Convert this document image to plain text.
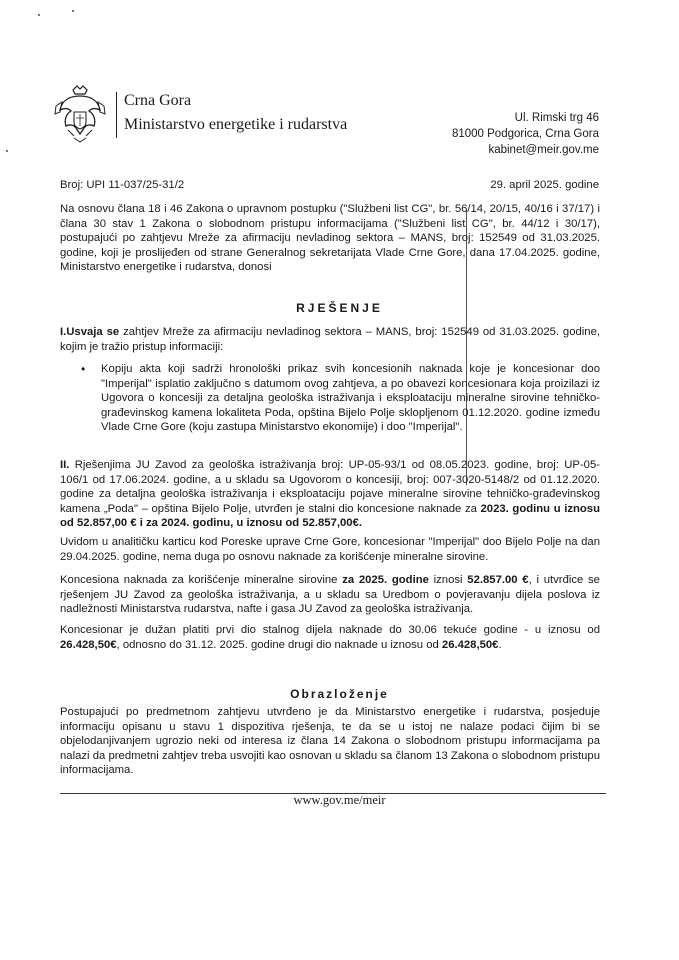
Crna Gora
Ministarstvo energetike i rudarstva	Ul. Rimski trg 46
81000 Podgorica, Crna Gora
kabinet@meir.gov.me
Broj: UPI 11-037/25-31/2	29. april 2025. godine
Na osnovu člana 18 i 46 Zakona o upravnom postupku ("Službeni list CG", br. 56/14, 20/15, 40/16 i 37/17) i člana 30 stav 1 Zakona o slobodnom pristupu informacijama ("Službeni list CG", br. 44/12 i 30/17), postupajući po zahtjevu Mreže za afirmaciju nevladinog sektora – MANS, broj: 152549 od 31.03.2025. godine, koji je proslijeđen od strane Generalnog sekretarijata Vlade Crne Gore, dana 17.04.2025. godine, Ministarstvo energetike i rudarstva, donosi
RJEŠENJE
I.Usvaja se zahtjev Mreže za afirmaciju nevladinog sektora – MANS, broj: 152549 od 31.03.2025. godine, kojim je tražio pristup informaciji:
• Kopiju akta koji sadrži hronološki prikaz svih koncesionih naknada koje je koncesionar doo "Imperijal" isplatio zaključno s datumom ovog zahtjeva, a po obavezi koncesionara koja proizilazi iz Ugovora o koncesiji za detaljna geološka istraživanja i eksploataciju mineralne sirovine tehničko-građevinskog kamena lokaliteta Poda, opština Bijelo Polje sklopljenom 01.12.2020. godine između Vlade Crne Gore (koju zastupa Ministarstvo ekonomije) i doo "Imperijal".
II. Rješenjima JU Zavod za geološka istraživanja broj: UP-05-93/1 od 08.05.2023. godine, broj: UP-05-106/1 od 17.06.2024. godine, a u skladu sa Ugovorom o koncesiji, broj: 007-3020-5148/2 od 01.12.2020. godine za detaljna geološka istraživanja i eksploataciju pojave mineralne sirovine tehničko-građevinskog kamena „Poda" – opština Bijelo Polje, utvrđen je stalni dio koncesione naknade za 2023. godinu u iznosu od 52.857,00 € i za 2024. godinu, u iznosu od 52.857,00€.
Uvidom u analitičku karticu kod Poreske uprave Crne Gore, koncesionar "Imperijal" doo Bijelo Polje na dan 29.04.2025. godine, nema duga po osnovu naknade za korišćenje mineralne sirovine.
Koncesiona naknada za korišćenje mineralne sirovine za 2025. godine iznosi 52.857.00 €, i utvrđice se rješenjem JU Zavod za geološka istraživanja, a u skladu sa Uredbom o povjeravanju dijela poslova iz nadležnosti Ministarstva rudarstva, nafte i gasa JU Zavod za geološka istraživanja.
Koncesionar je dužan platiti prvi dio stalnog dijela naknade do 30.06 tekuće godine - u iznosu od 26.428,50€, odnosno do 31.12. 2025. godine drugi dio naknade u iznosu od 26.428,50€.
Obrazloženje
Postupajući po predmetnom zahtjevu utvrđeno je da Ministarstvo energetike i rudarstva, posjeduje informaciju opisanu u stavu 1 dispozitiva rješenja, te da se u istoj ne nalaze podaci čijim bi se objelodanjivanjem ugrozio neki od interesa iz člana 14 Zakona o slobodnom pristupu informacijama pa nalazi da predmetni zahtjev treba usvojiti kao osnovan u skladu sa članom 13 Zakona o slobodnom pristupu informacijama.
www.gov.me/meir
